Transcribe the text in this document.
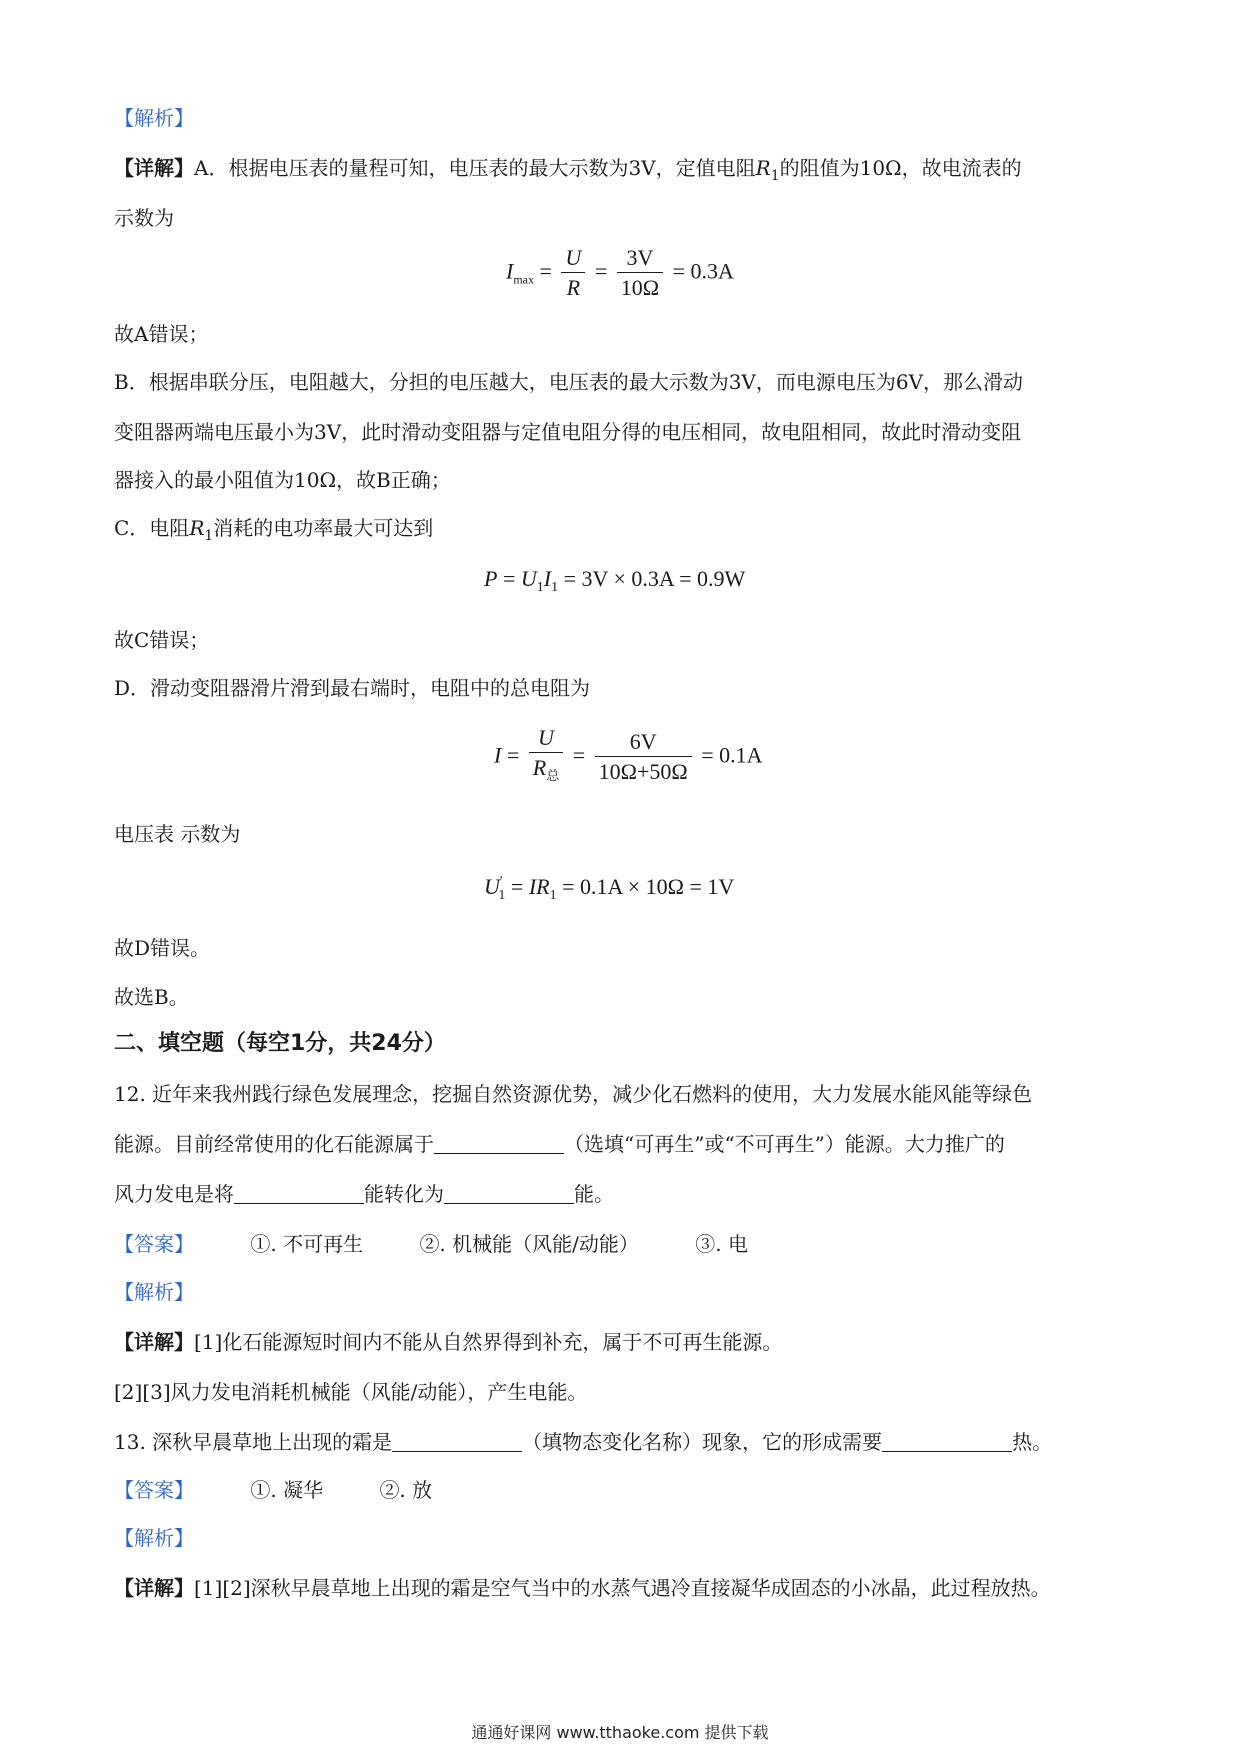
【解析】
【详解】A．根据电压表的量程可知，电压表的最大示数为3V，定值电阻$R_1$的阻值为10Ω，故电流表的
示数为
$I_{max} = \frac{U}{R} = \frac{3V}{10\Omega} = 0.3A$
故A错误；
B．根据串联分压，电阻越大，分担的电压越大，电压表的最大示数为3V，而电源电压为6V，那么滑动
变阻器两端电压最小为3V，此时滑动变阻器与定值电阻分得的电压相同，故电阻相同，故此时滑动变阻
器接入的最小阻值为10Ω，故B正确；
C．电阻$R_1$消耗的电功率最大可达到
$P = U_1I_1 = 3V \times 0.3A = 0.9W$
故C错误；
D．滑动变阻器滑片滑到最右端时，电阻中的总电阻为
$I = \frac{U}{R_总} = \frac{6V}{10\Omega+50\Omega} = 0.1A$
电压表 示数为
$U'_1 = IR_1 = 0.1A \times 10\Omega = 1V$
故D错误。
故选B。
二、填空题（每空1分，共24分）
12. 近年来我州践行绿色发展理念，挖掘自然资源优势，减少化石燃料的使用，大力发展水能风能等绿色
能源。目前经常使用的化石能源属于	（选填“可再生”或“不可再生”）能源。大力推广的
风力发电是将	能转化为	能。
【答案】	①. 不可再生	②. 机械能（风能/动能）	③. 电
【解析】
【详解】[1]化石能源短时间内不能从自然界得到补充，属于不可再生能源。
[2][3]风力发电消耗机械能（风能/动能），产生电能。
13. 深秋早晨草地上出现的霜是	（填物态变化名称）现象，它的形成需要	热。
【答案】	①. 凝华	②. 放
【解析】
【详解】[1][2]深秋早晨草地上出现的霜是空气当中的水蒸气遇冷直接凝华成固态的小冰晶，此过程放热。
通通好课网 www.tthaoke.com 提供下载
